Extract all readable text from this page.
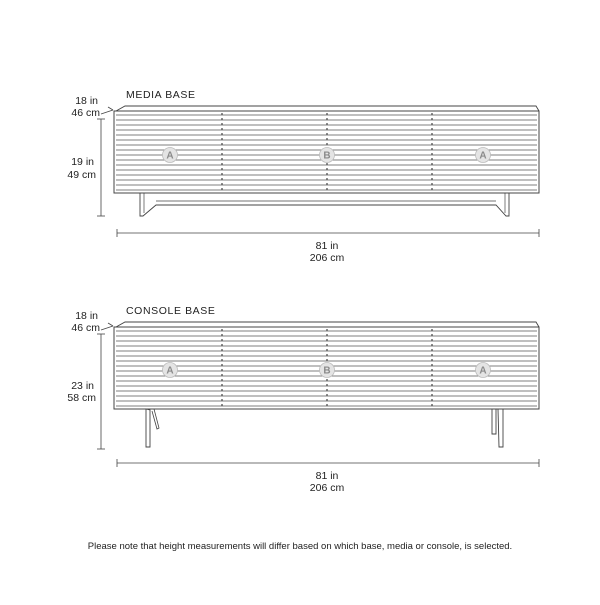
MEDIA BASE
18 in
46 cm
19 in
49 cm
A	B	A
81 in
206 cm
CONSOLE BASE
18 in
46 cm
23 in
58 cm
A	B	A
81 in
206 cm
Please note that height measurements will differ based on which base, media or console, is selected.
